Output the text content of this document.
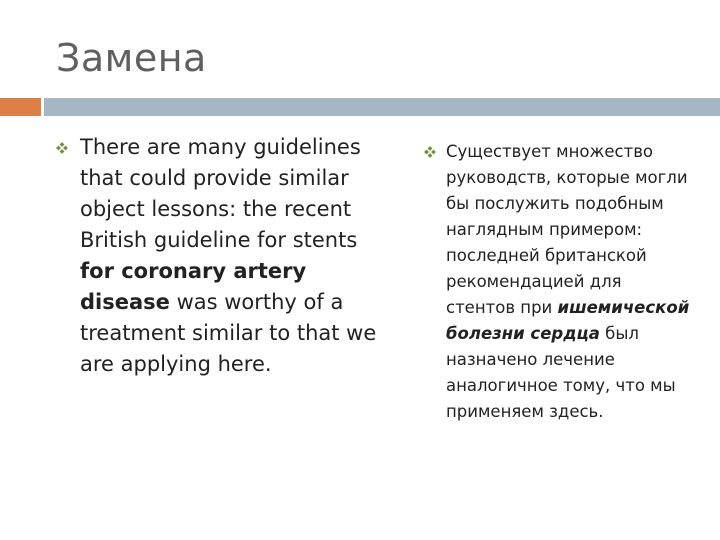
Замена
There are many guidelines that could provide similar object lessons: the recent British guideline for stents for coronary artery disease was worthy of a treatment similar to that we are applying here.
Существует множество руководств, которые могли бы послужить подобным наглядным примером: последней британской рекомендацией для стентов при ишемической болезни сердца был назначено лечение аналогичное тому, что мы применяем здесь.
